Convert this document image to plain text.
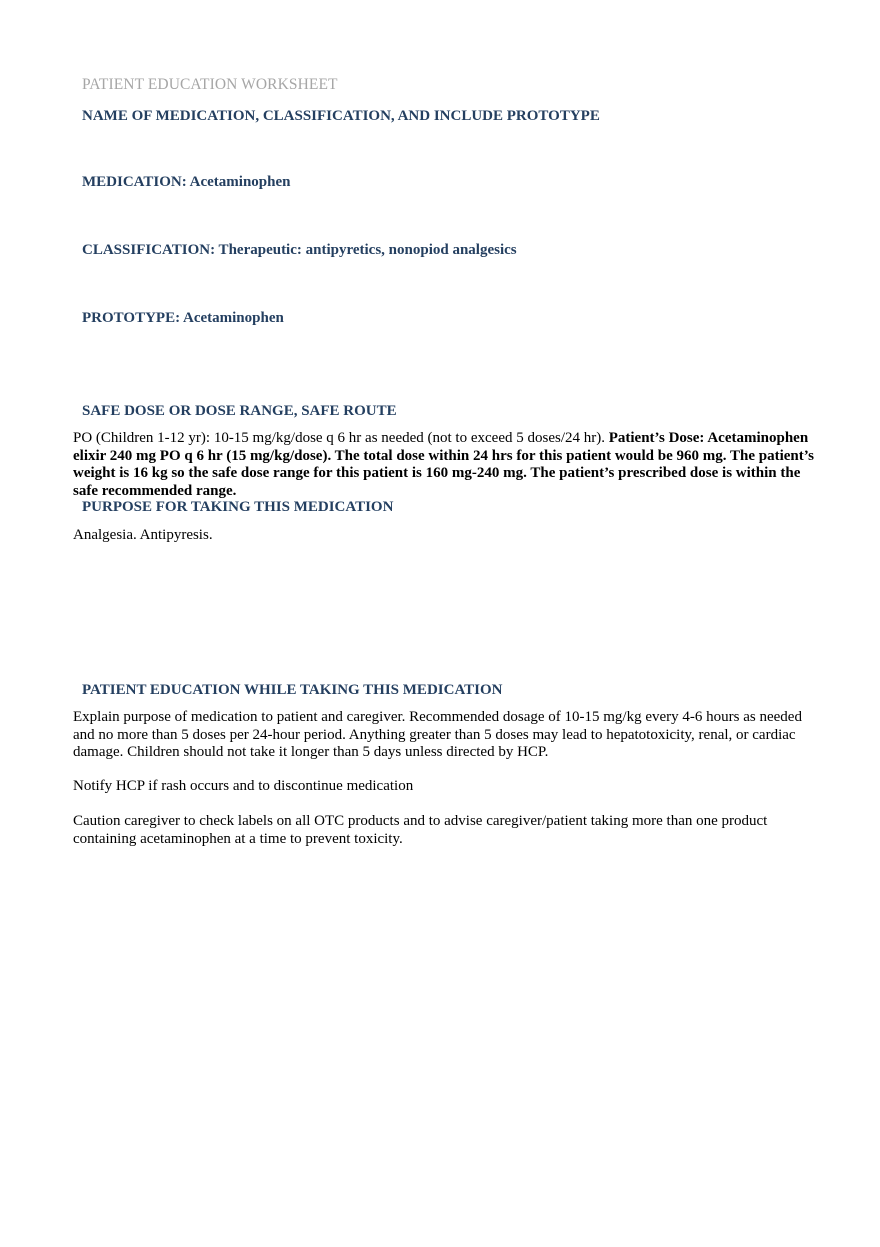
PATIENT EDUCATION WORKSHEET
NAME OF MEDICATION, CLASSIFICATION, AND INCLUDE PROTOTYPE
MEDICATION: Acetaminophen
CLASSIFICATION: Therapeutic: antipyretics, nonopiod analgesics
PROTOTYPE: Acetaminophen
SAFE DOSE OR DOSE RANGE, SAFE ROUTE
PO (Children 1-12 yr): 10-15 mg/kg/dose q 6 hr as needed (not to exceed 5 doses/24 hr). Patient’s Dose: Acetaminophen elixir 240 mg PO q 6 hr (15 mg/kg/dose). The total dose within 24 hrs for this patient would be 960 mg. The patient’s weight is 16 kg so the safe dose range for this patient is 160 mg-240 mg. The patient’s prescribed dose is within the safe recommended range.
PURPOSE FOR TAKING THIS MEDICATION
Analgesia. Antipyresis.
PATIENT EDUCATION WHILE TAKING THIS MEDICATION
Explain purpose of medication to patient and caregiver. Recommended dosage of 10-15 mg/kg every 4-6 hours as needed and no more than 5 doses per 24-hour period. Anything greater than 5 doses may lead to hepatotoxicity, renal, or cardiac damage. Children should not take it longer than 5 days unless directed by HCP.
Notify HCP if rash occurs and to discontinue medication
Caution caregiver to check labels on all OTC products and to advise caregiver/patient taking more than one product containing acetaminophen at a time to prevent toxicity.
